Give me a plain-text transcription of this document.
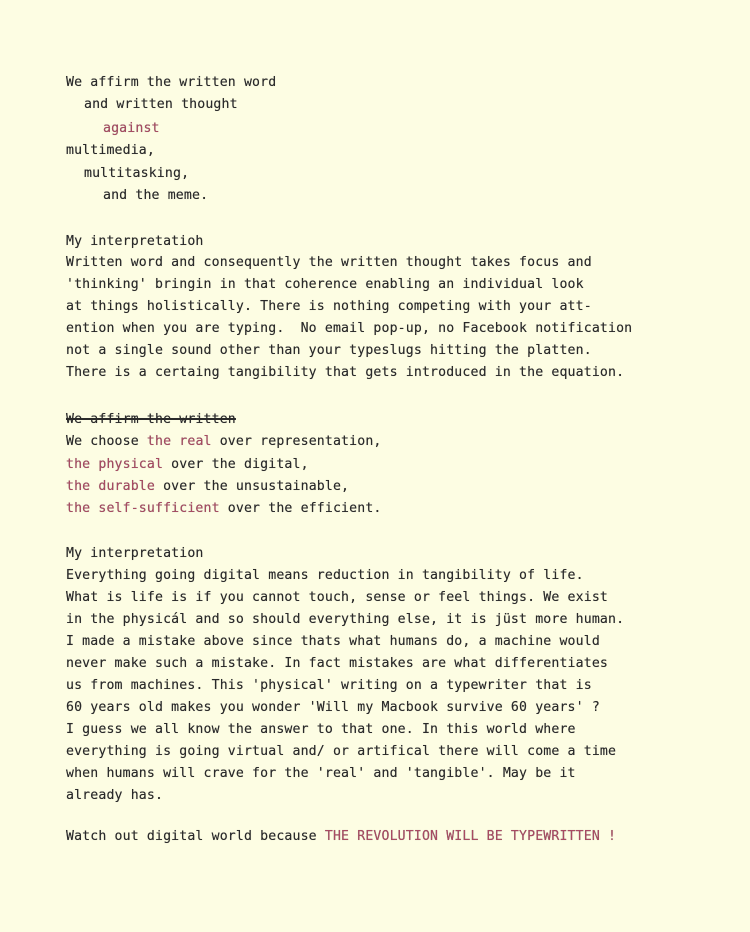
We affirm the written word
and written thought
against
multimedia,
multitasking,
and the meme.
My interpretatioh
Written word and consequently the written thought takes focus and
'thinking' bringin in that coherence enabling an individual look
at things holistically. There is nothing competing with your att-
ention when you are typing.  No email pop-up, no Facebook notification
not a single sound other than your typeslugs hitting the platten.
There is a certaing tangibility that gets introduced in the equation.
We affirm the written
We choose the real over representation,
the physical over the digital,
the durable over the unsustainable,
the self-sufficient over the efficient.
My interpretation
Everything going digital means reduction in tangibility of life.
What is life is if you cannot touch, sense or feel things. We exist
in the physicál and so should everything else, it is jüst more human.
I made a mistake above since thats what humans do, a machine would
never make such a mistake. In fact mistakes are what differentiates
us from machines. This 'physical' writing on a typewriter that is
60 years old makes you wonder 'Will my Macbook survive 60 years' ?
I guess we all know the answer to that one. In this world where
everything is going virtual and/ or artifical there will come a time
when humans will crave for the 'real' and 'tangible'. May be it
already has.
Watch out digital world because THE REVOLUTION WILL BE TYPEWRITTEN !
